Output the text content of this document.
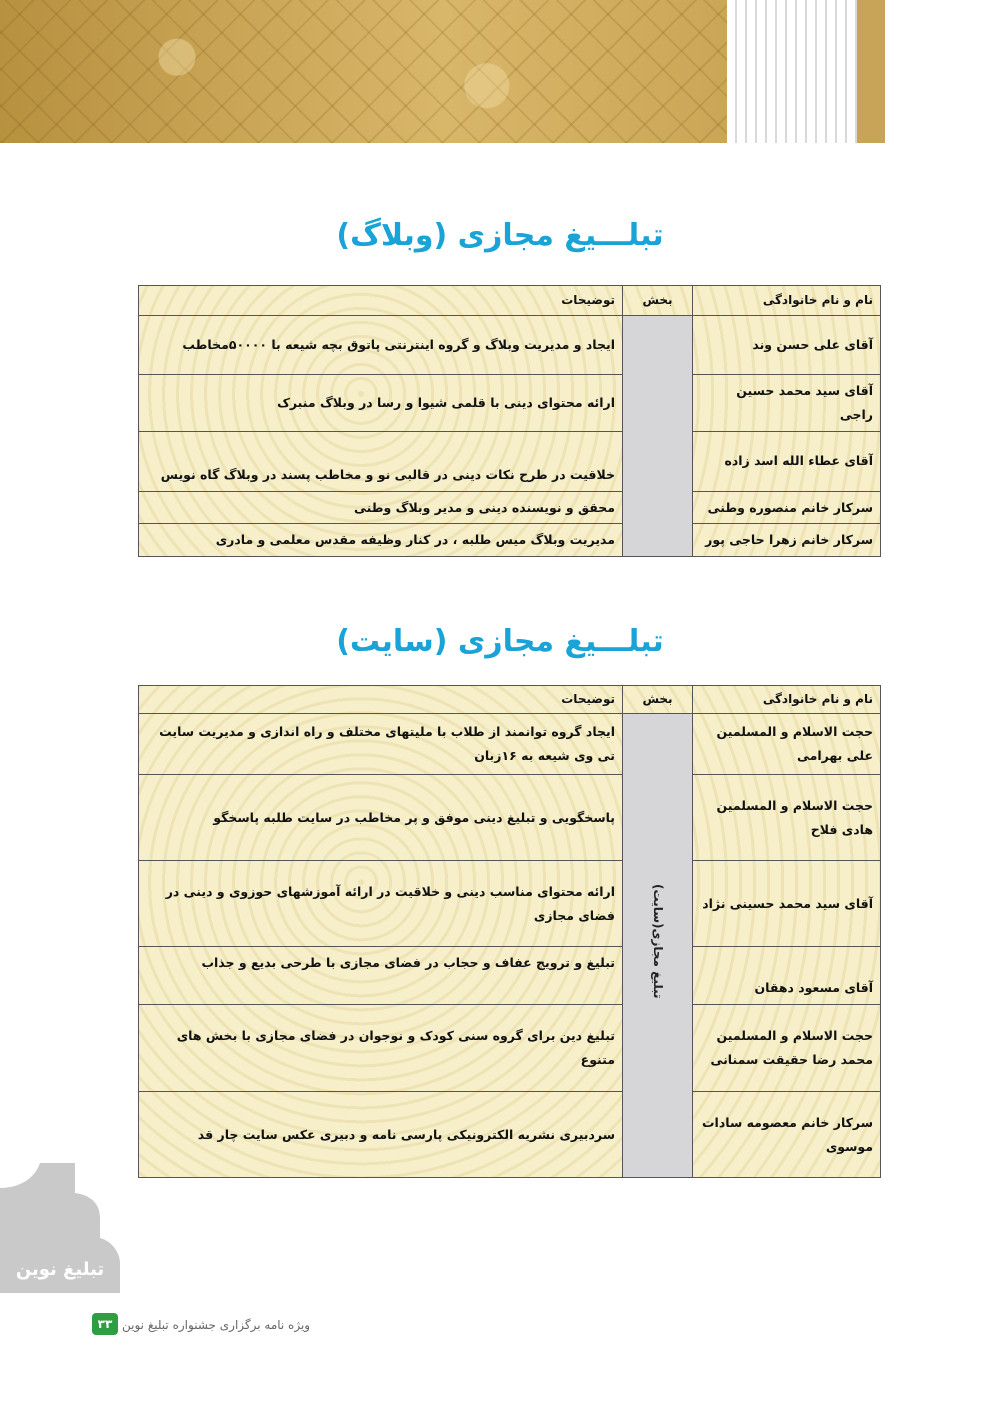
تبلـــیغ مجازی (وبلاگ)
نام و نام خانوادگی	بخش	توضیحات
آقای علی حسن وند		ایجاد و مدیریت وبلاگ و گروه اینترنتی پاتوق بچه شیعه با ۵۰۰۰۰مخاطب
آقای سید محمد حسین راجی		ارائه محتوای دینی با قلمی شیوا و رسا در وبلاگ منبرک
آقای عطاء الله اسد زاده		خلاقیت در طرح نکات دینی در قالبی نو و مخاطب پسند در وبلاگ گاه نویس
سرکار خانم منصوره وطنی		محقق و نویسنده دینی و مدیر وبلاگ وطنی
سرکار خانم زهرا حاجی پور		مدیریت وبلاگ میس طلبه ، در کنار وظیفه مقدس معلمی و مادری
تبلـــیغ مجازی (سایت)
نام و نام خانوادگی	بخش	توضیحات
حجت الاسلام و المسلمین علی بهرامی	تبلیغ مجازی(سایت)	ایجاد گروه توانمند از طلاب با ملیتهای مختلف و راه اندازی و مدیریت سایت تی وی شیعه به ۱۶زبان
حجت الاسلام و المسلمین هادی فلاح		پاسخگویی و تبلیغ دینی موفق و پر مخاطب در سایت طلبه پاسخگو
آقای سید محمد حسینی نژاد		ارائه محتوای مناسب دینی و خلاقیت در ارائه آموزشهای حوزوی و دینی در فضای مجازی
آقای مسعود دهقان		تبلیغ و ترویج عفاف و حجاب در فضای مجازی با طرحی بدیع و جذاب
حجت الاسلام و المسلمین محمد رضا حقیقت سمنانی		تبلیغ دین برای گروه سنی کودک و نوجوان در فضای مجازی با بخش های متنوع
سرکار خانم معصومه سادات موسوی		سردبیری نشریه الکترونیکی پارسی نامه و دبیری عکس سایت چار قد
تبلیغ نوین
۳۳ ویژه نامه برگزاری جشنواره تبلیغ نوین
